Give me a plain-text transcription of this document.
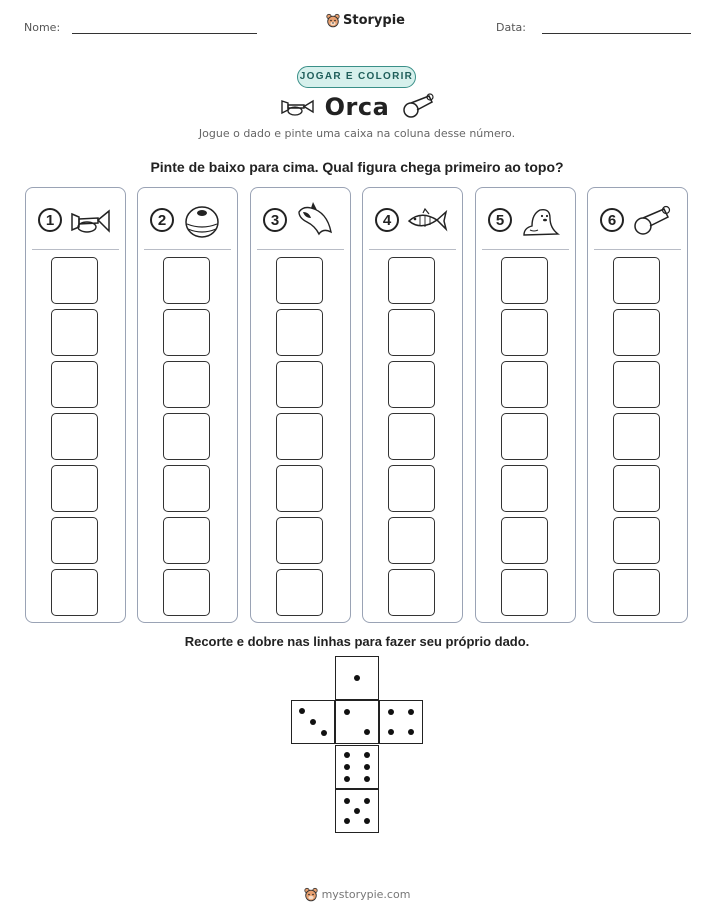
Nome:	Storypie	Data:
JOGAR E COLORIR
Orca
Jogue o dado e pinte uma caixa na coluna desse número.
Pinte de baixo para cima. Qual figura chega primeiro ao topo?
1	2	3	4	5	6
Recorte e dobre nas linhas para fazer seu próprio dado.
mystorypie.com
